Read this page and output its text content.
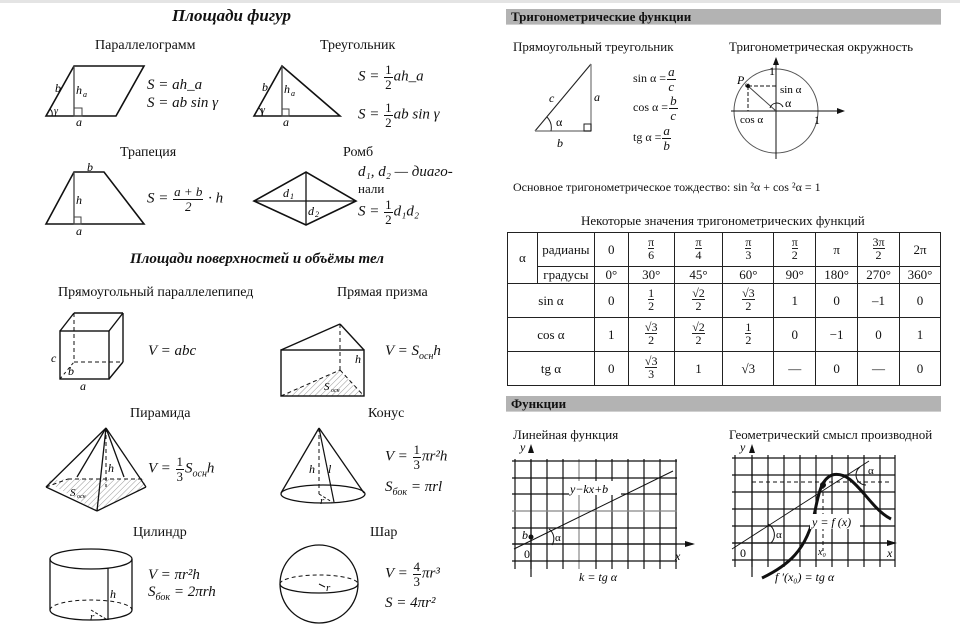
Площади фигур
Параллелограмм
b h a
γ
a
S = ah_a
S = ab sin γ
Треугольник
b h a
γ
a
$S = \frac{1}{2}$ ah_a
$S = \frac{1}{2}$ ab sin γ
Трапеция
b
h
a
$S = \frac{a + b}{2} \cdot h$
Ромб
d 1
d 2
d₁, d₂ — диаго-
нали
$S = \frac{1}{2} d_1d_2$
Площади поверхностей и объёмы тел
Прямоугольный параллелепипед
c
b
a
V = abc
Прямая призма
h
S осн
$V = S_{осн}h$
Пирамида
h
S осн
$V = \frac{1}{3} S_{осн}h$
Конус
h l
r
$V = \frac{1}{3} \pi r^2h$
$S_{бок} = \pi rl$
Цилиндр
h
r
V = πr²h
$S_{бок} = 2\pi rh$
Шар
r
$V = \frac{4}{3} \pi r^3$
S = 4πr²
Тригонометрические функции
Прямоугольный треугольник
c	a
α
b
$\sin \alpha = \frac{a}{c}$
$\cos \alpha = \frac{b}{c}$
tg $\alpha = \frac{a}{b}$
Тригонометрическая окружность
P α
1
1
sin α
cos α
α
Основное тригонометрическое тождество: sin ²α + cos ²α = 1
Некоторые значения тригонометрических функций
α	радианы	0	$\frac{\pi}{6}$	$\frac{\pi}{4}$	$\frac{\pi}{3}$	$\frac{\pi}{2}$	π	$\frac{3\pi}{2}$	2π
	градусы	0°	30°	45°	60°	90°	180°	270°	360°
sin α		0	$\frac{1}{2}$	$\frac{√2}{2}$	$\frac{√3}{2}$	1	0	–1	0
cos α		1	$\frac{√3}{2}$	$\frac{√2}{2}$	$\frac{1}{2}$	0	−1	0	1
tg α		0	$\frac{√3}{3}$	1	√3	—	0	—	0
Функции
Линейная функция
y−kx+b
y
x
0
b α
k = tg α
Геометрический смысл производной
y = f (x)
y
x
0	x₀
α
α
f ′(x₀) = tg α
